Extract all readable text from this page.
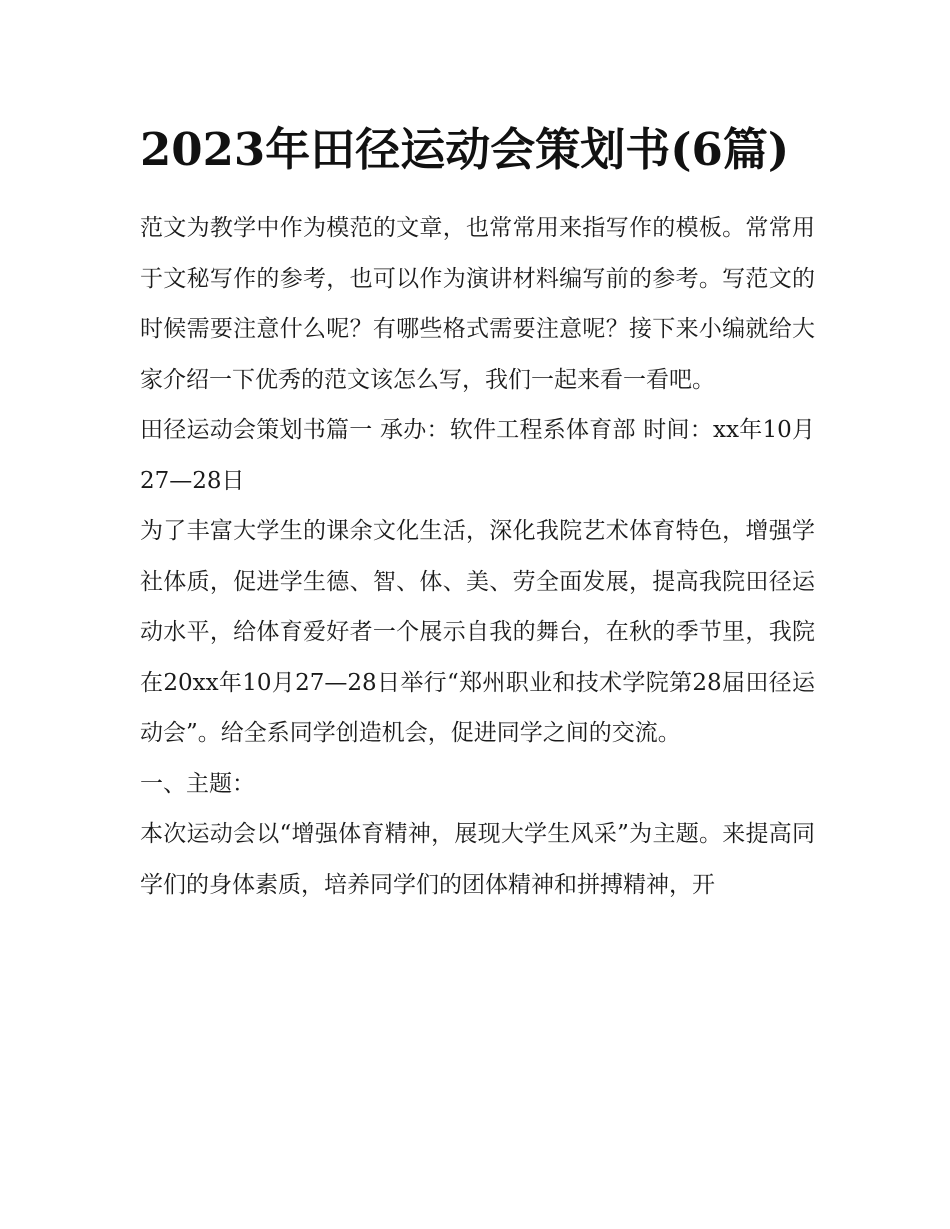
2023年田径运动会策划书(6篇)

范文为教学中作为模范的文章，也常常用来指写作的模板。常常用于文秘写作的参考，也可以作为演讲材料编写前的参考。写范文的时候需要注意什么呢？有哪些格式需要注意呢？接下来小编就给大家介绍一下优秀的范文该怎么写，我们一起来看一看吧。

田径运动会策划书篇一 承办：软件工程系体育部 时间：xx年10月27—28日

为了丰富大学生的课余文化生活，深化我院艺术体育特色，增强学社体质，促进学生德、智、体、美、劳全面发展，提高我院田径运动水平，给体育爱好者一个展示自我的舞台，在秋的季节里，我院在20xx年10月27—28日举行“郑州职业和技术学院第28届田径运动会”。给全系同学创造机会，促进同学之间的交流。

一、主题：

本次运动会以“增强体育精神，展现大学生风采”为主题。来提高同学们的身体素质，培养同学们的团体精神和拼搏精神，开
